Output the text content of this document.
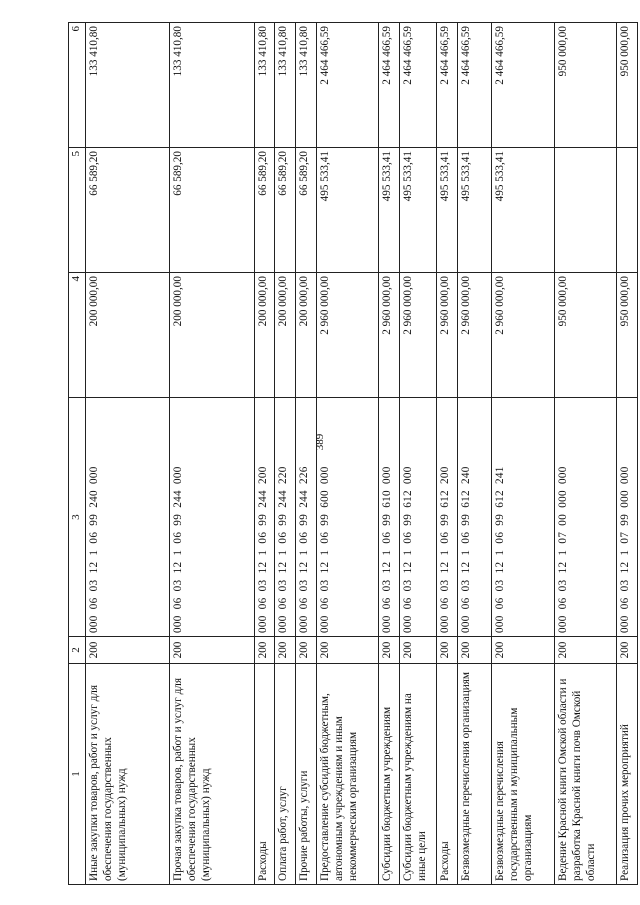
389
1	2	3	4	5	6
Иные закупки товаров, работ и услуг для обеспечения государственных (муниципальных) нужд	200	000 06 03 12 1 06 99 240 000	200 000,00	66 589,20	133 410,80
Прочая закупка товаров, работ и услуг для обеспечения государственных (муниципальных) нужд	200	000 06 03 12 1 06 99 244 000	200 000,00	66 589,20	133 410,80
Расходы	200	000 06 03 12 1 06 99 244 200	200 000,00	66 589,20	133 410,80
Оплата работ, услуг	200	000 06 03 12 1 06 99 244 220	200 000,00	66 589,20	133 410,80
Прочие работы, услуги	200	000 06 03 12 1 06 99 244 226	200 000,00	66 589,20	133 410,80
Предоставление субсидий бюджетным, автономным учреждениям и иным некоммерческим организациям	200	000 06 03 12 1 06 99 600 000	2 960 000,00	495 533,41	2 464 466,59
Субсидии бюджетным учреждениям	200	000 06 03 12 1 06 99 610 000	2 960 000,00	495 533,41	2 464 466,59
Субсидии бюджетным учреждениям на иные цели	200	000 06 03 12 1 06 99 612 000	2 960 000,00	495 533,41	2 464 466,59
Расходы	200	000 06 03 12 1 06 99 612 200	2 960 000,00	495 533,41	2 464 466,59
Безвозмездные перечисления организациям	200	000 06 03 12 1 06 99 612 240	2 960 000,00	495 533,41	2 464 466,59
Безвозмездные перечисления государственным и муниципальным организациям	200	000 06 03 12 1 06 99 612 241	2 960 000,00	495 533,41	2 464 466,59
Ведение Красной книги Омской области и разработка Красной книги почв Омской области	200	000 06 03 12 1 07 00 000 000	950 000,00		950 000,00
Реализация прочих мероприятий	200	000 06 03 12 1 07 99 000 000	950 000,00		950 000,00
